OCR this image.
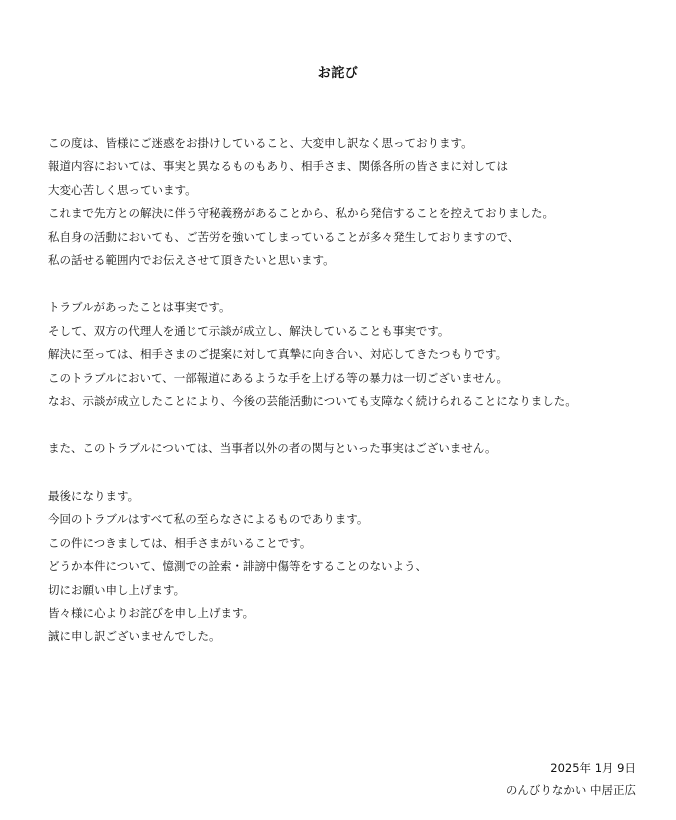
お詫び
この度は、皆様にご迷惑をお掛けしていること、大変申し訳なく思っております。
報道内容においては、事実と異なるものもあり、相手さま、関係各所の皆さまに対しては
大変心苦しく思っています。
これまで先方との解決に伴う守秘義務があることから、私から発信することを控えておりました。
私自身の活動においても、ご苦労を強いてしまっていることが多々発生しておりますので、
私の話せる範囲内でお伝えさせて頂きたいと思います。
トラブルがあったことは事実です。
そして、双方の代理人を通じて示談が成立し、解決していることも事実です。
解決に至っては、相手さまのご提案に対して真摯に向き合い、対応してきたつもりです。
このトラブルにおいて、一部報道にあるような手を上げる等の暴力は一切ございません。
なお、示談が成立したことにより、今後の芸能活動についても支障なく続けられることになりました。
また、このトラブルについては、当事者以外の者の関与といった事実はございません。
最後になります。
今回のトラブルはすべて私の至らなさによるものであります。
この件につきましては、相手さまがいることです。
どうか本件について、憶測での詮索・誹謗中傷等をすることのないよう、
切にお願い申し上げます。
皆々様に心よりお詫びを申し上げます。
誠に申し訳ございませんでした。
2025年 1月 9日
のんびりなかい 中居正広
